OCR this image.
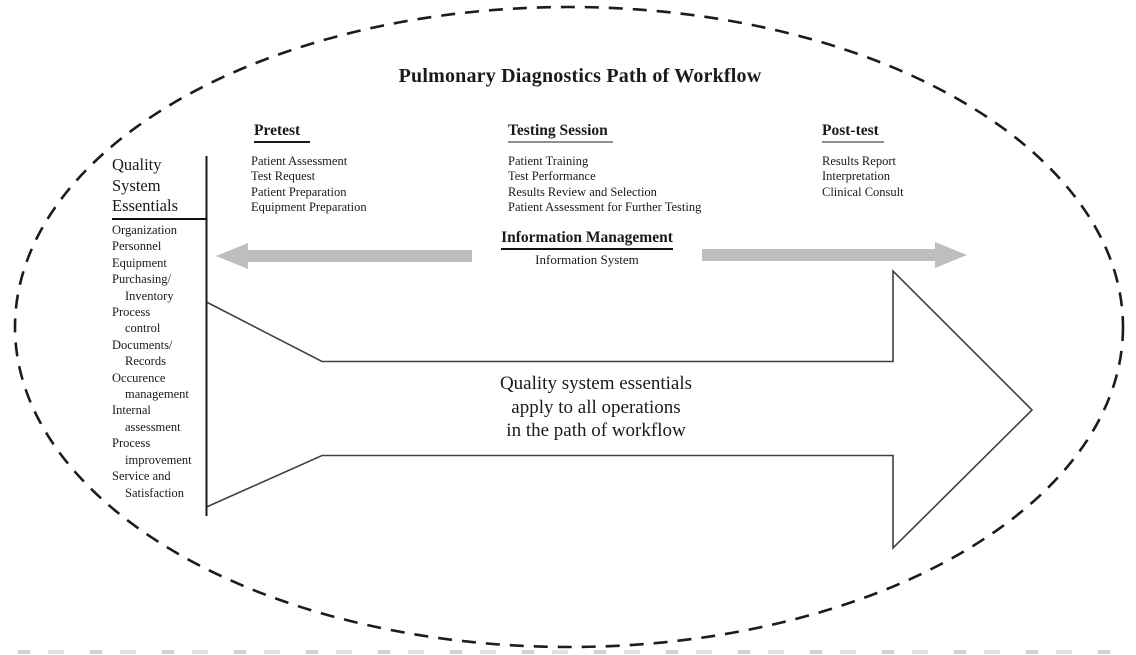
Pulmonary Diagnostics Path of Workflow
Quality
System
Essentials
Organization
Personnel
Equipment
Purchasing/
Inventory
Process
control
Documents/
Records
Occurence
management
Internal
assessment
Process
improvement
Service and
Satisfaction
Pretest
Patient Assessment
Test Request
Patient Preparation
Equipment Preparation
Testing Session
Patient Training
Test Performance
Results Review and Selection
Patient Assessment for Further Testing
Post-test
Results Report
Interpretation
Clinical Consult
Information Management
Information System
Quality system essentials
apply to all operations
in the path of workflow
